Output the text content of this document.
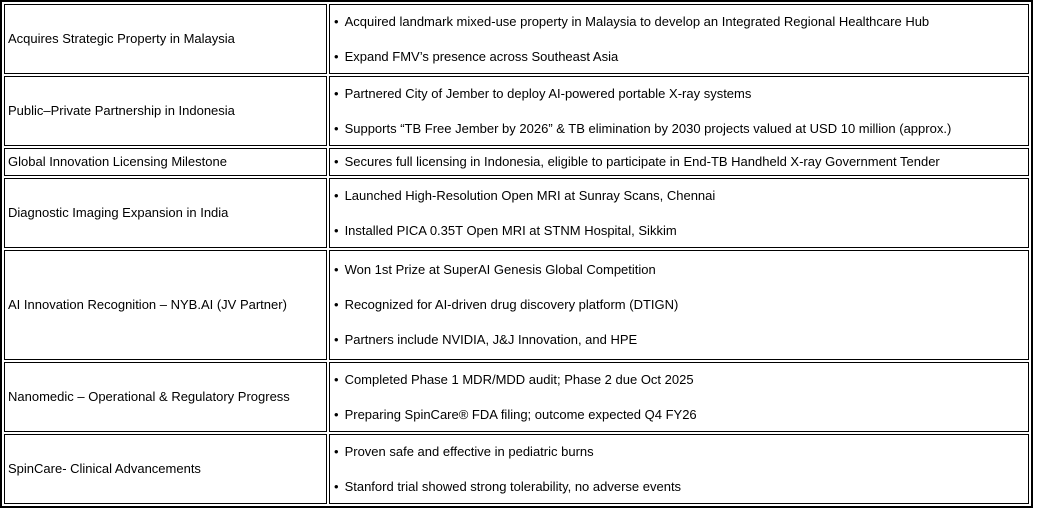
Acquires Strategic Property in Malaysia	• Acquired landmark mixed-use property in Malaysia to develop an Integrated Regional Healthcare Hub
• Expand FMV’s presence across Southeast Asia

Public–Private Partnership in Indonesia	• Partnered City of Jember to deploy AI-powered portable X-ray systems
• Supports “TB Free Jember by 2026” & TB elimination by 2030 projects valued at USD 10 million (approx.)

Global Innovation Licensing Milestone	• Secures full licensing in Indonesia, eligible to participate in End-TB Handheld X-ray Government Tender

Diagnostic Imaging Expansion in India	• Launched High-Resolution Open MRI at Sunray Scans, Chennai
• Installed PICA 0.35T Open MRI at STNM Hospital, Sikkim

AI Innovation Recognition – NYB.AI (JV Partner)	• Won 1st Prize at SuperAI Genesis Global Competition
• Recognized for AI-driven drug discovery platform (DTIGN)
• Partners include NVIDIA, J&J Innovation, and HPE

Nanomedic – Operational & Regulatory Progress	• Completed Phase 1 MDR/MDD audit; Phase 2 due Oct 2025
• Preparing SpinCare® FDA filing; outcome expected Q4 FY26

SpinCare- Clinical Advancements	• Proven safe and effective in pediatric burns
• Stanford trial showed strong tolerability, no adverse events
